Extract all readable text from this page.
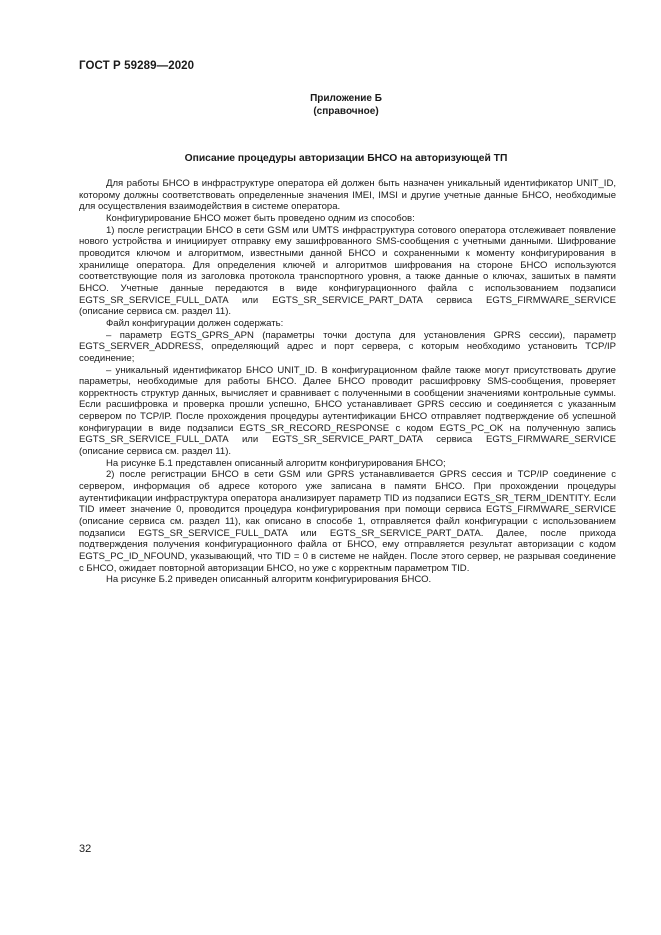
ГОСТ Р 59289—2020
Приложение Б
(справочное)
Описание процедуры авторизации БНСО на авторизующей ТП

Для работы БНСО в инфраструктуре оператора ей должен быть назначен уникальный идентификатор UNIT_ID, которому должны соответствовать определенные значения IMEI, IMSI и другие учетные данные БНСО, необходимые для осуществления взаимодействия в системе оператора.

Конфигурирование БНСО может быть проведено одним из способов:

1) после регистрации БНСО в сети GSM или UMTS инфраструктура сотового оператора отслеживает появление нового устройства и инициирует отправку ему зашифрованного SMS-сообщения с учетными данными. Шифрование проводится ключом и алгоритмом, известными данной БНСО и сохраненными к моменту конфигурирования в хранилище оператора. Для определения ключей и алгоритмов шифрования на стороне БНСО используются соответствующие поля из заголовка протокола транспортного уровня, а также данные о ключах, зашитых в памяти БНСО. Учетные данные передаются в виде конфигурационного файла с использованием подзаписи EGTS_SR_SERVICE_FULL_DATA или EGTS_SR_SERVICE_PART_DATA сервиса EGTS_FIRMWARE_SERVICE (описание сервиса см. раздел 11).

Файл конфигурации должен содержать:

– параметр EGTS_GPRS_APN (параметры точки доступа для установления GPRS сессии), параметр EGTS_SERVER_ADDRESS, определяющий адрес и порт сервера, с которым необходимо установить TCP/IP соединение;

– уникальный идентификатор БНСО UNIT_ID. В конфигурационном файле также могут присутствовать другие параметры, необходимые для работы БНСО. Далее БНСО проводит расшифровку SMS-сообщения, проверяет корректность структур данных, вычисляет и сравнивает с полученными в сообщении значениями контрольные суммы. Если расшифровка и проверка прошли успешно, БНСО устанавливает GPRS сессию и соединяется с указанным сервером по TCP/IP. После прохождения процедуры аутентификации БНСО отправляет подтверждение об успешной конфигурации в виде подзаписи EGTS_SR_RECORD_RESPONSE с кодом EGTS_PC_OK на полученную запись EGTS_SR_SERVICE_FULL_DATA или EGTS_SR_SERVICE_PART_DATA сервиса EGTS_FIRMWARE_SERVICE (описание сервиса см. раздел 11).

На рисунке Б.1 представлен описанный алгоритм конфигурирования БНСО;

2) после регистрации БНСО в сети GSM или GPRS устанавливается GPRS сессия и TCP/IP соединение с сервером, информация об адресе которого уже записана в памяти БНСО. При прохождении процедуры аутентификации инфраструктура оператора анализирует параметр TID из подзаписи EGTS_SR_TERM_IDENTITY. Если TID имеет значение 0, проводится процедура конфигурирования при помощи сервиса EGTS_FIRMWARE_SERVICE (описание сервиса см. раздел 11), как описано в способе 1, отправляется файл конфигурации с использованием подзаписи EGTS_SR_SERVICE_FULL_DATA или EGTS_SR_SERVICE_PART_DATA. Далее, после прихода подтверждения получения конфигурационного файла от БНСО, ему отправляется результат авторизации с кодом EGTS_PC_ID_NFOUND, указывающий, что TID = 0 в системе не найден. После этого сервер, не разрывая соединение с БНСО, ожидает повторной авторизации БНСО, но уже с корректным параметром TID.

На рисунке Б.2 приведен описанный алгоритм конфигурирования БНСО.

32
